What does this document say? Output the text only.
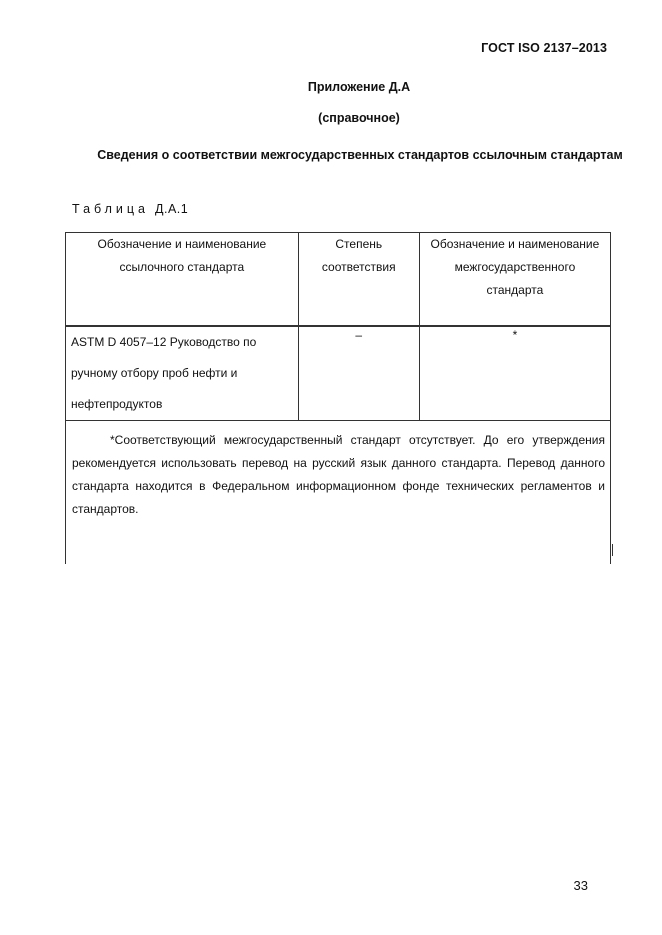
ГОСТ ISO 2137–2013
Приложение Д.А
(справочное)
Сведения о соответствии межгосударственных стандартов ссылочным стандартам
Таблица Д.А.1
Обозначение и наименование ссылочного стандарта	Степень соответствия	Обозначение и наименование межгосударственного стандарта
ASTM D 4057–12 Руководство по ручному отбору проб нефти и нефтепродуктов	–	*

*Соответствующий межгосударственный стандарт отсутствует. До его утверждения рекомендуется использовать перевод на русский язык данного стандарта. Перевод данного стандарта находится в Федеральном информационном фонде технических регламентов и стандартов.		
33
